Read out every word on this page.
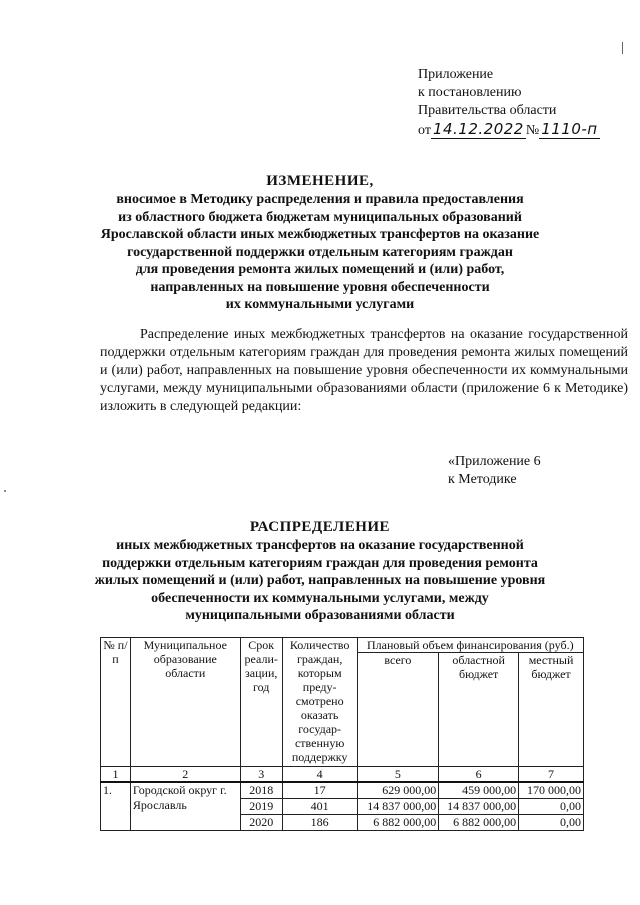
Приложение
к постановлению
Правительства области
от 14.12.2022 № 1110-п
ИЗМЕНЕНИЕ,
вносимое в Методику распределения и правила предоставления
из областного бюджета бюджетам муниципальных образований
Ярославской области иных межбюджетных трансфертов на оказание
государственной поддержки отдельным категориям граждан
для проведения ремонта жилых помещений и (или) работ,
направленных на повышение уровня обеспеченности
их коммунальными услугами
Распределение иных межбюджетных трансфертов на оказание государственной поддержки отдельным категориям граждан для проведения ремонта жилых помещений и (или) работ, направленных на повышение уровня обеспеченности их коммунальными услугами, между муниципальными образованиями области (приложение 6 к Методике) изложить в следующей редакции:
«Приложение 6
к Методике
РАСПРЕДЕЛЕНИЕ
иных межбюджетных трансфертов на оказание государственной
поддержки отдельным категориям граждан для проведения ремонта
жилых помещений и (или) работ, направленных на повышение уровня
обеспеченности их коммунальными услугами, между
муниципальными образованиями области
№ п/п	Муниципальное образование области	Срок реали-зации, год	Количество граждан, которым преду-смотрено оказать государ-ственную поддержку	Плановый объем финансирования (руб.)		
				всего	областной бюджет	местный бюджет
1	2	3	4	5	6	7
1.	Городской округ г. Ярославль	2018	17	629 000,00	459 000,00	170 000,00
		2019	401	14 837 000,00	14 837 000,00	0,00
		2020	186	6 882 000,00	6 882 000,00	0,00
